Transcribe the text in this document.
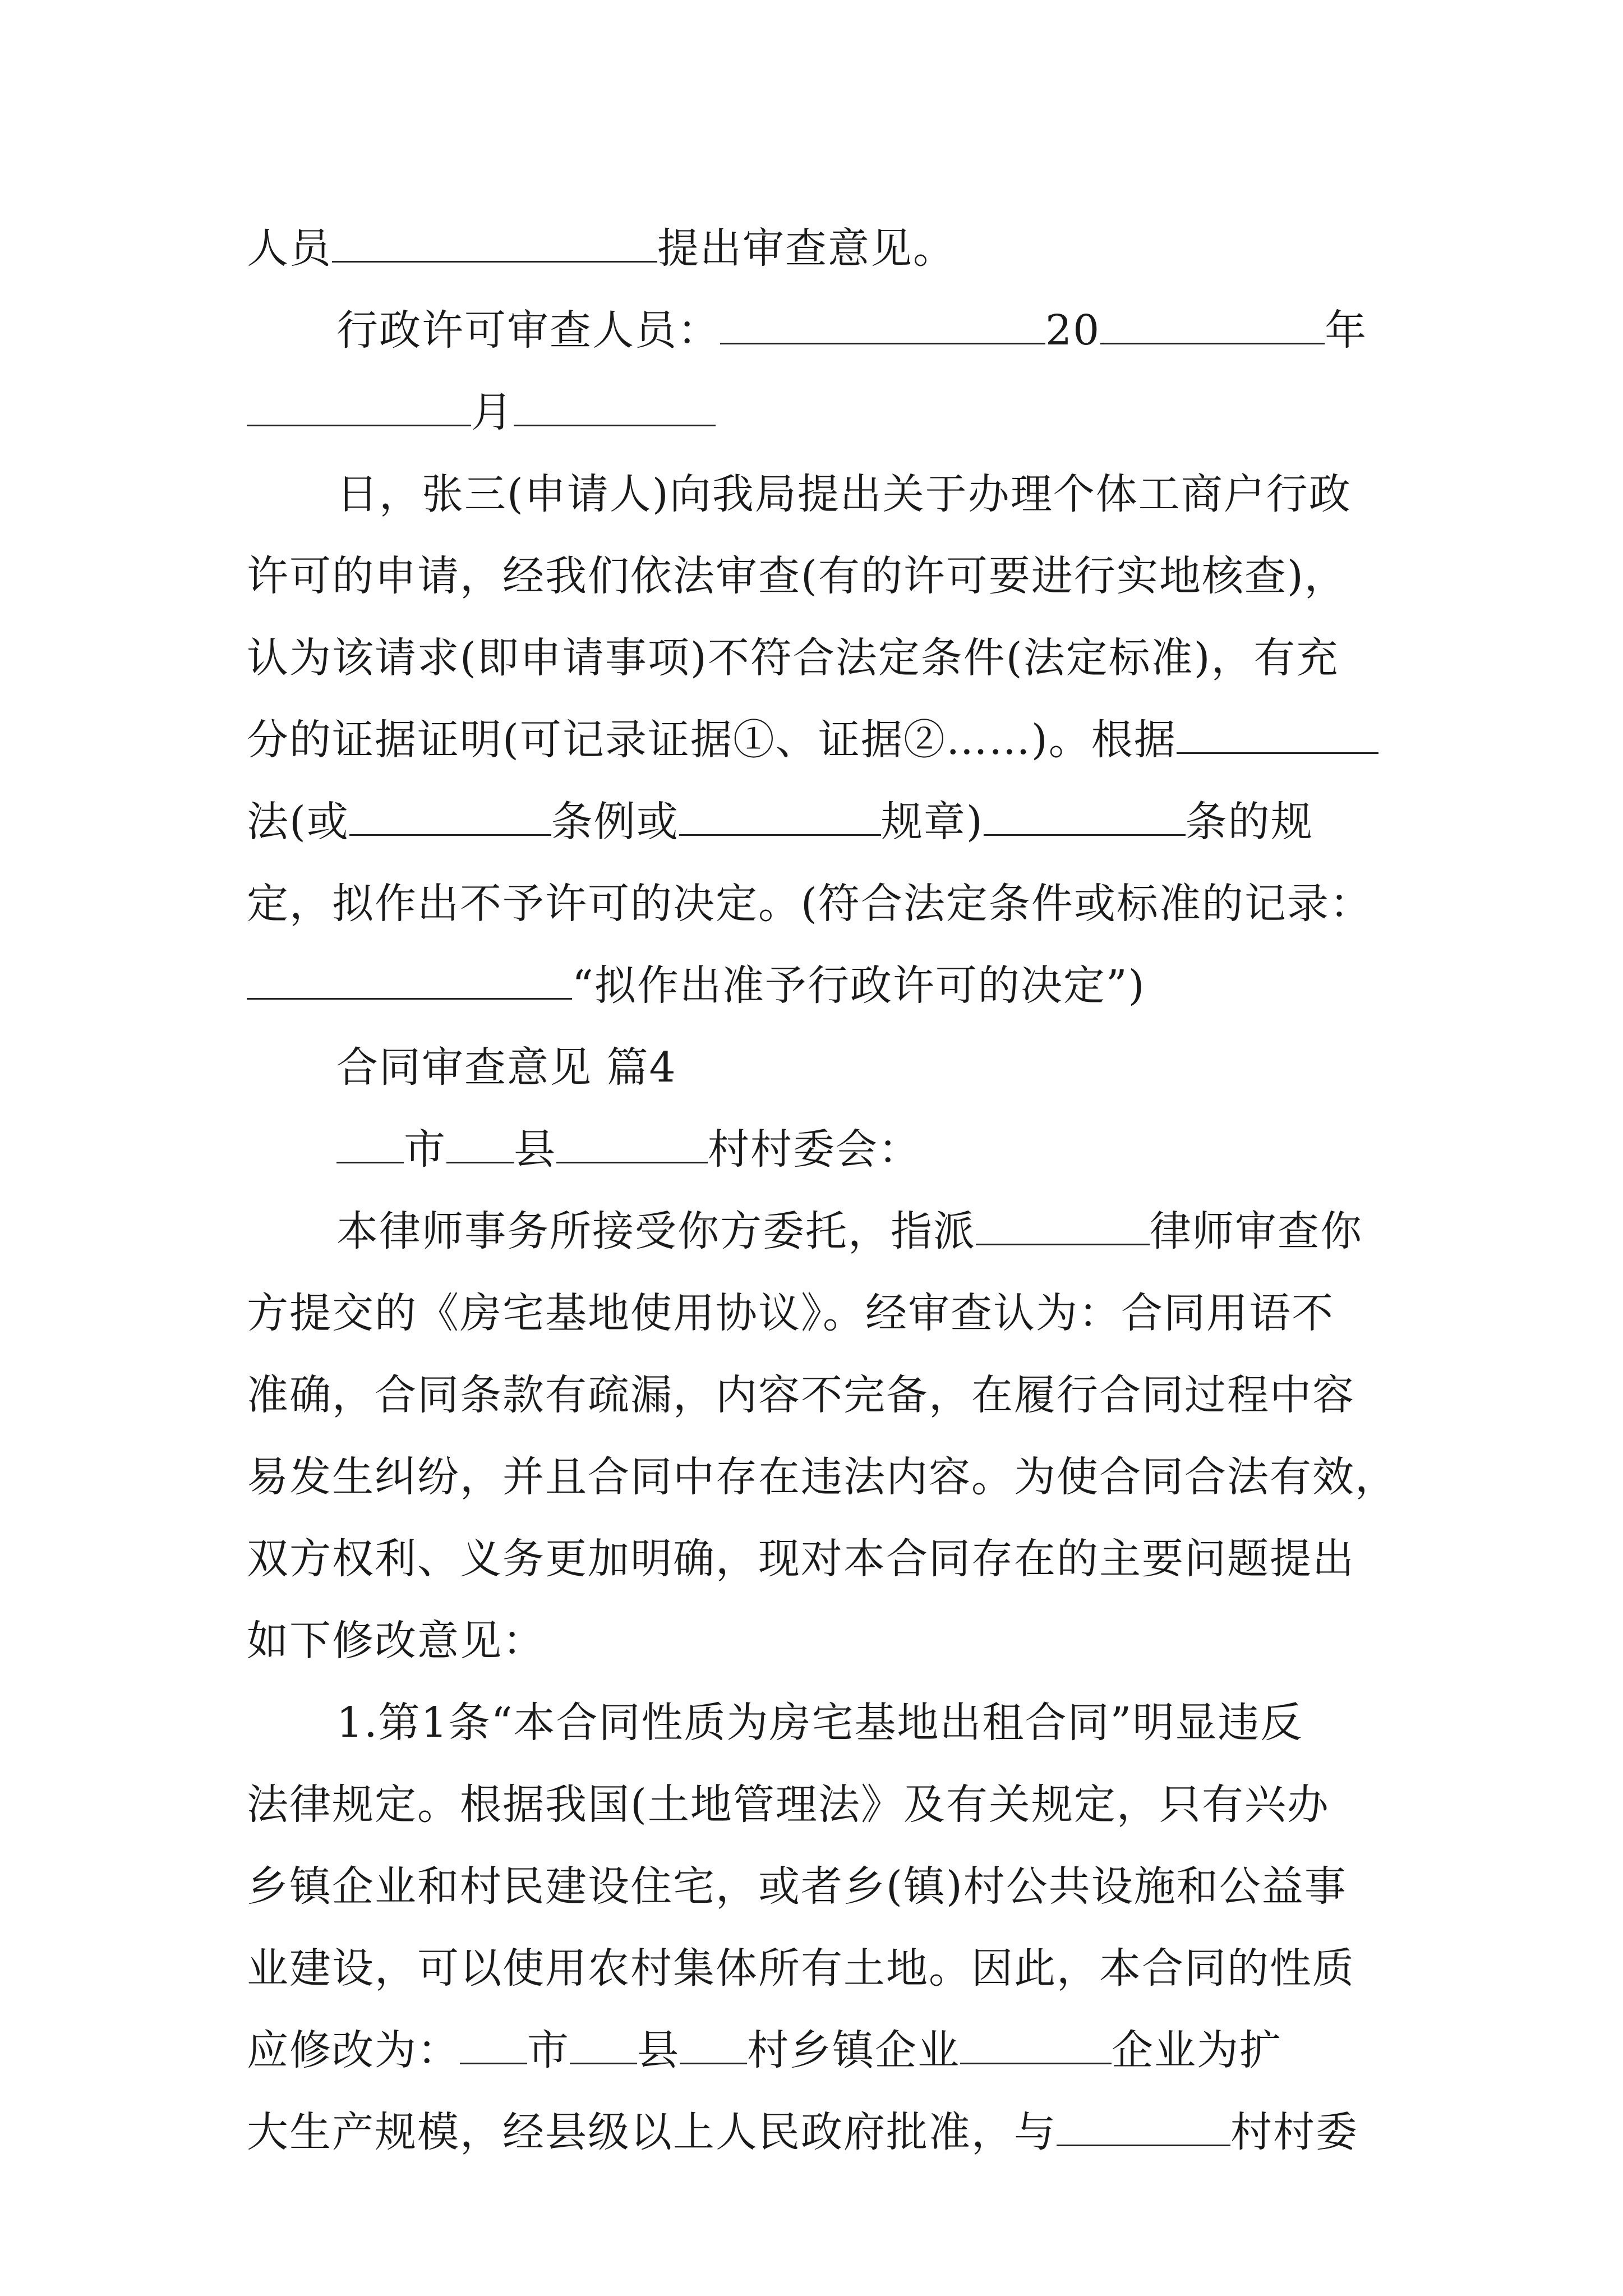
人员	提出审查意见。
行政许可审查人员：	20	年
月
日，张三(申请人)向我局提出关于办理个体工商户行政
许可的申请，经我们依法审查(有的许可要进行实地核查)，
认为该请求(即申请事项)不符合法定条件(法定标准)，有充
分的证据证明(可记录证据①、证据②……)。根据
法(或	条例或	规章)	条的规
定，拟作出不予许可的决定。(符合法定条件或标准的记录：
“拟作出准予行政许可的决定”)
合同审查意见 篇4
市 县	村村委会：
本律师事务所接受你方委托，指派	律师审查你
方提交的《房宅基地使用协议》。经审查认为：合同用语不
准确，合同条款有疏漏，内容不完备，在履行合同过程中容
易发生纠纷，并且合同中存在违法内容。为使合同合法有效，
双方权利、义务更加明确，现对本合同存在的主要问题提出
如下修改意见：
1.第1条“本合同性质为房宅基地出租合同”明显违反
法律规定。根据我国(土地管理法》及有关规定，只有兴办
乡镇企业和村民建设住宅，或者乡(镇)村公共设施和公益事
业建设，可以使用农村集体所有土地。因此，本合同的性质
应修改为： 市 县 村乡镇企业	企业为扩
大生产规模，经县级以上人民政府批准，与	村村委
